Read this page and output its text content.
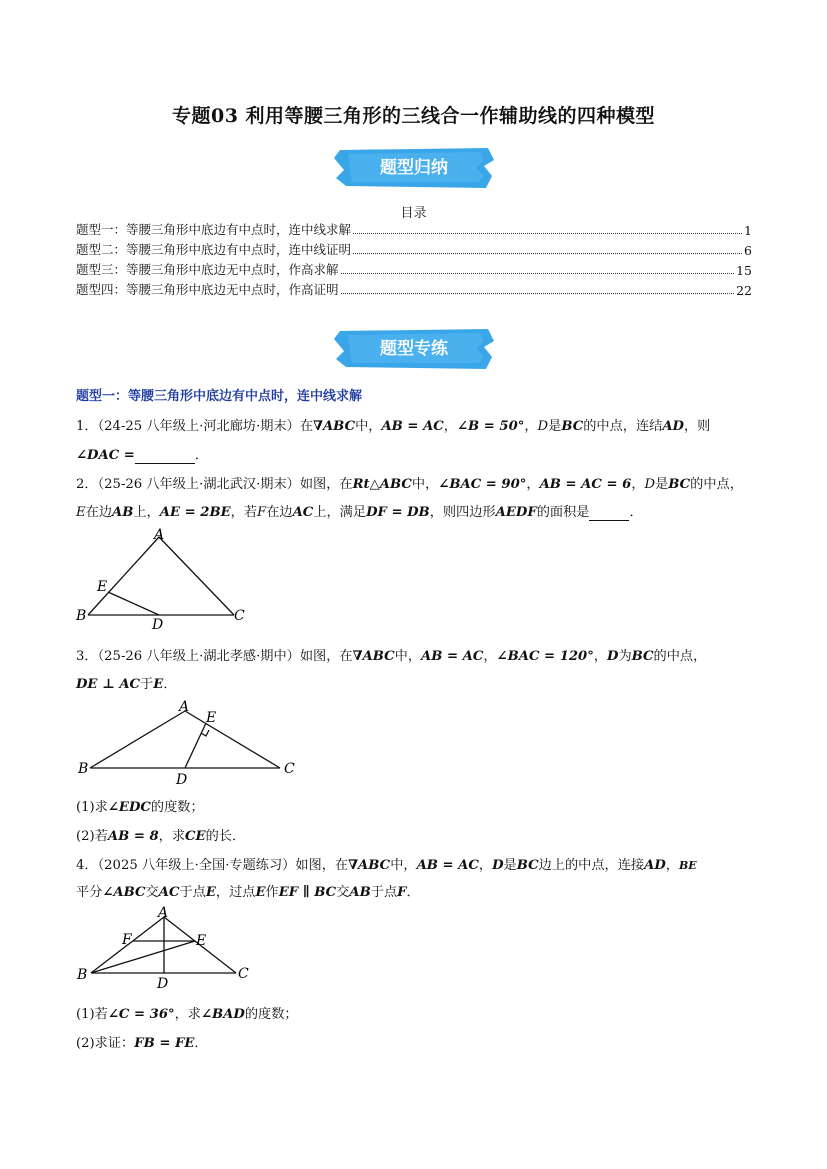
专题03 利用等腰三角形的三线合一作辅助线的四种模型
题型归纳
目录
题型一：等腰三角形中底边有中点时，连中线求解	1
题型二：等腰三角形中底边有中点时，连中线证明	6
题型三：等腰三角形中底边无中点时，作高求解	15
题型四：等腰三角形中底边无中点时，作高证明	22
题型专练
题型一：等腰三角形中底边有中点时，连中线求解
1．（24-25 八年级上·河北廊坊·期末）在∇ABC中，AB = AC，∠B = 50°，D是BC的中点，连结AD，则
∠DAC =	．
2．（25-26 八年级上·湖北武汉·期末）如图，在Rt△ABC中，∠BAC = 90°，AB = AC = 6，D是BC的中点，
E在边AB上，AE = 2BE，若F在边AC上，满足DF = DB，则四边形AEDF的面积是	．
A
B	C
D
E
3．（25-26 八年级上·湖北孝感·期中）如图，在∇ABC中，AB = AC，∠BAC = 120°，D为BC的中点，
DE ⊥ AC于E．
A
B	C
D
E
(1)求∠EDC的度数；
(2)若AB = 8，求CE的长．
4．（2025 八年级上·全国·专题练习）如图，在∇ABC中，AB = AC，D是BC边上的中点，连接AD，BE
平分∠ABC交AC于点E，过点E作EF ∥ BC交AB于点F．
A
B	C
D
E
F
(1)若∠C = 36°，求∠BAD的度数；
(2)求证：FB = FE．
